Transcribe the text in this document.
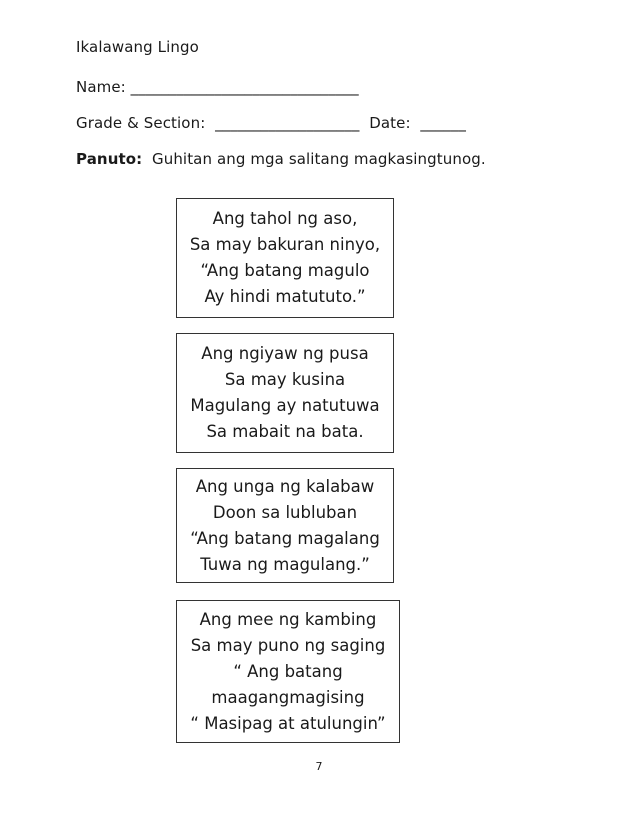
Ikalawang Lingo
Name: ______________________________
Grade & Section:  ___________________  Date:  ______
Panuto:  Guhitan ang mga salitang magkasingtunog.
Ang tahol ng aso,
Sa may bakuran ninyo,
“Ang batang magulo
Ay hindi matututo.”
Ang ngiyaw ng pusa
Sa may kusina
Magulang ay natutuwa
Sa mabait na bata.
Ang unga ng kalabaw
Doon sa lubluban
“Ang batang magalang
Tuwa ng magulang.”
Ang mee ng kambing
Sa may puno ng saging
“ Ang batang
maagangmagising
“ Masipag at atulungin”
7
